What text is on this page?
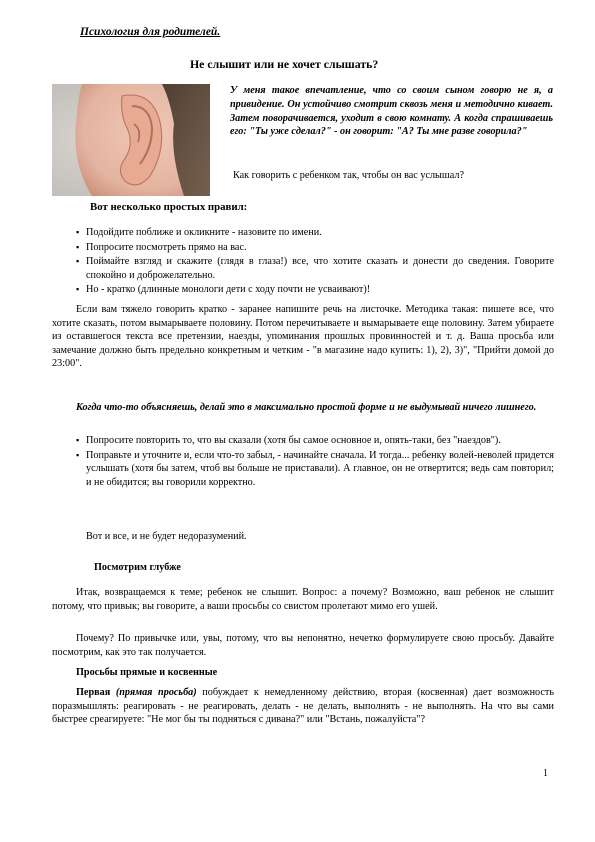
Психология для родителей.
Не слышит или не хочет слышать?
У меня такое впечатление, что со своим сыном говорю не я, а привидение. Он устойчиво смотрит сквозь меня и методично кивает. Затем поворачивается, уходит в свою комнату. А когда спрашиваешь его: "Ты уже сделал?" - он говорит: "А? Ты мне разве говорила?"
Как говорить с ребенком так, чтобы он вас услышал?
Вот несколько простых правил:
▪ Подойдите поближе и окликните - назовите по имени.
▪ Попросите посмотреть прямо на вас.
▪ Поймайте взгляд и скажите (глядя в глаза!) все, что хотите сказать и донести до сведения. Говорите спокойно и доброжелательно.
▪ Но - кратко (длинные монологи дети с ходу почти не усваивают)!
Если вам тяжело говорить кратко - заранее напишите речь на листочке. Методика такая: пишете все, что хотите сказать, потом вымарываете половину. Потом перечитываете и вымарываете еще половину. Затем убираете из оставшегося текста все претензии, наезды, упоминания прошлых провинностей и т. д. Ваша просьба или замечание должно быть предельно конкретным и четким - "в магазине надо купить: 1), 2), 3)", "Прийти домой до 23:00".
Когда что-то объясняешь, делай это в максимально простой форме и не выдумывай ничего лишнего.
▪ Попросите повторить то, что вы сказали (хотя бы самое основное и, опять-таки, без "наездов").
▪ Поправьте и уточните и, если что-то забыл, - начинайте сначала. И тогда... ребенку волей-неволей придется услышать (хотя бы затем, чтоб вы больше не приставали). А главное, он не отвертится; ведь сам повторил; и не обидится; вы говорили корректно.
Вот и все, и не будет недоразумений.
Посмотрим глубже
Итак, возвращаемся к теме; ребенок не слышит. Вопрос: а почему? Возможно, ваш ребенок не слышит потому, что привык; вы говорите, а ваши просьбы со свистом пролетают мимо его ушей.
Почему? По привычке или, увы, потому, что вы непонятно, нечетко формулируете свою просьбу. Давайте посмотрим, как это так получается.
Просьбы прямые и косвенные
Первая (прямая просьба) побуждает к немедленному действию, вторая (косвенная) дает возможность поразмышлять: реагировать - не реагировать, делать - не делать, выполнять - не выполнять. На что вы сами быстрее среагируете: "Не мог бы ты подняться с дивана?" или "Встань, пожалуйста"?
1
